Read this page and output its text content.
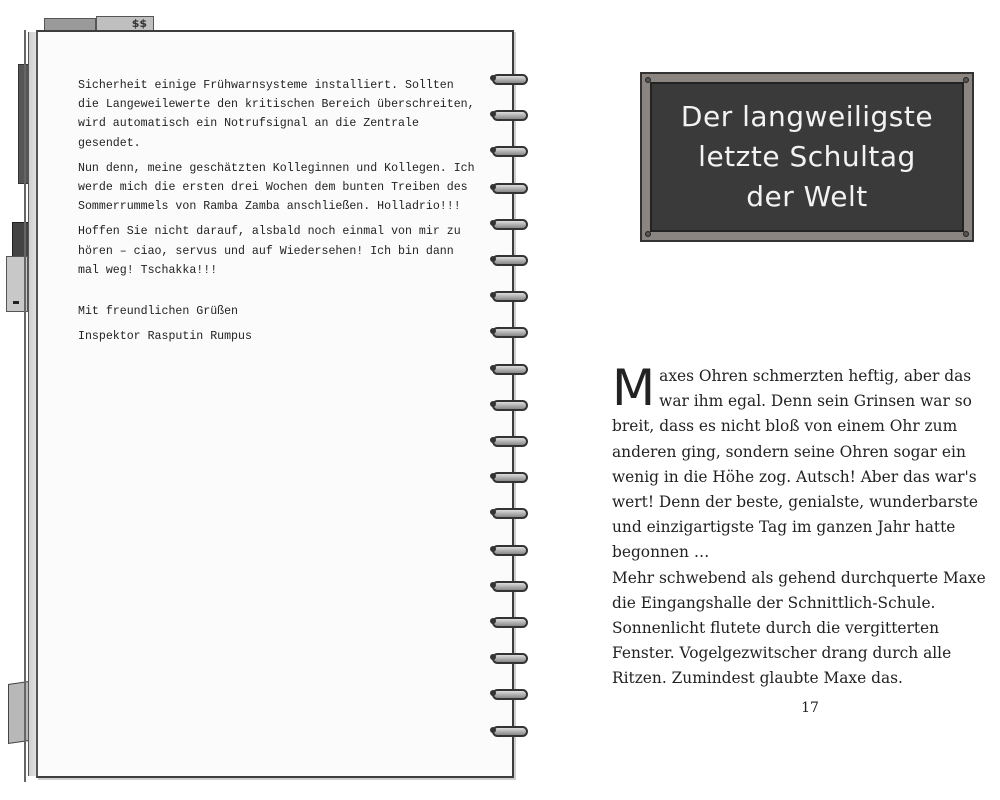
$$

Sicherheit einige Frühwarnsysteme installiert. Sollten die Langeweilewerte den kritischen Bereich überschreiten, wird automatisch ein Notrufsignal an die Zentrale gesendet.

Nun denn, meine geschätzten Kolleginnen und Kollegen. Ich werde mich die ersten drei Wochen dem bunten Treiben des Sommerrummels von Ramba Zamba anschließen. Holladrio!!!

Hoffen Sie nicht darauf, alsbald noch einmal von mir zu hören – ciao, servus und auf Wiedersehen! Ich bin dann mal weg! Tschakka!!!

Mit freundlichen Grüßen

Inspektor Rasputin Rumpus

Der langweiligste letzte Schultag der Welt
M axes Ohren schmerzten heftig, aber das war ihm egal. Denn sein Grinsen war so breit, dass es nicht bloß von einem Ohr zum anderen ging, sondern seine Ohren sogar ein wenig in die Höhe zog. Autsch! Aber das war's wert! Denn der beste, genialste, wunderbarste und einzigartigste Tag im ganzen Jahr hatte begonnen …
Mehr schwebend als gehend durchquerte Maxe die Eingangshalle der Schnittlich-Schule. Sonnenlicht flutete durch die vergitterten Fenster. Vogelgezwitscher drang durch alle Ritzen. Zumindest glaubte Maxe das.
17
